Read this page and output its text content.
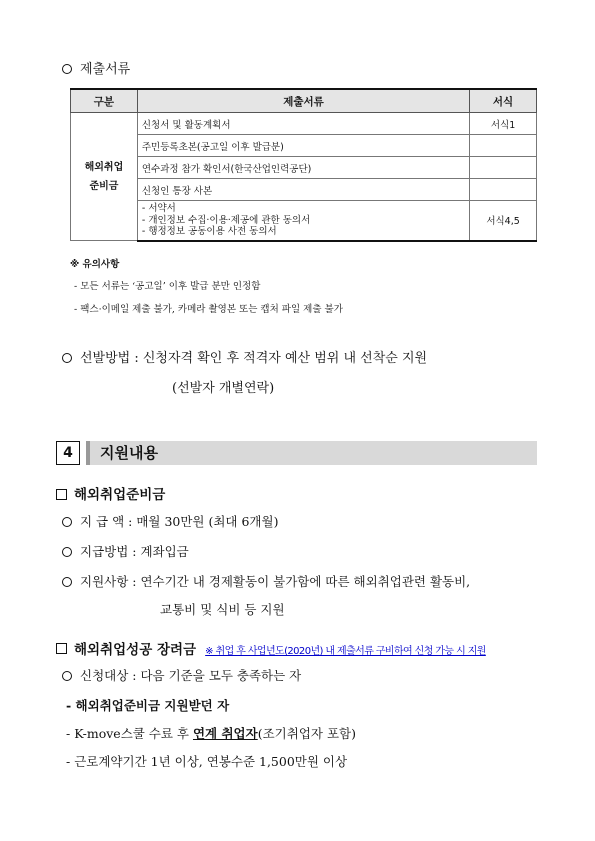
제출서류
구분	제출서류	서식

해외취업
준비금	신청서 및 활동계획서	서식1
	주민등록초본(공고일 이후 발급분)	
	연수과정 참가 확인서(한국산업인력공단)	
	신청인 통장 사본	

	- 서약서
- 개인정보 수집·이용·제공에 관한 동의서
- 행정정보 공동이용 사전 동의서	서식4,5
※ 유의사항
- 모든 서류는 ‘공고일’ 이후 발급 분만 인정함
- 팩스·이메일 제출 불가, 카메라 촬영본 또는 캡처 파일 제출 불가
선발방법 : 신청자격 확인 후 적격자 예산 범위 내 선착순 지원
(선발자 개별연락)
4	지원내용
해외취업준비금
지 급 액 : 매월 30만원 (최대 6개월)
지급방법 : 계좌입금
지원사항 : 연수기간 내 경제활동이 불가함에 따른 해외취업관련 활동비,
교통비 및 식비 등 지원
해외취업성공 장려금 ※ 취업 후 사업년도(2020년) 내 제출서류 구비하여 신청 가능 시 지원
신청대상 : 다음 기준을 모두 충족하는 자
- 해외취업준비금 지원받던 자
- K-move스쿨 수료 후 연계 취업자(조기취업자 포함)
- 근로계약기간 1년 이상, 연봉수준 1,500만원 이상
